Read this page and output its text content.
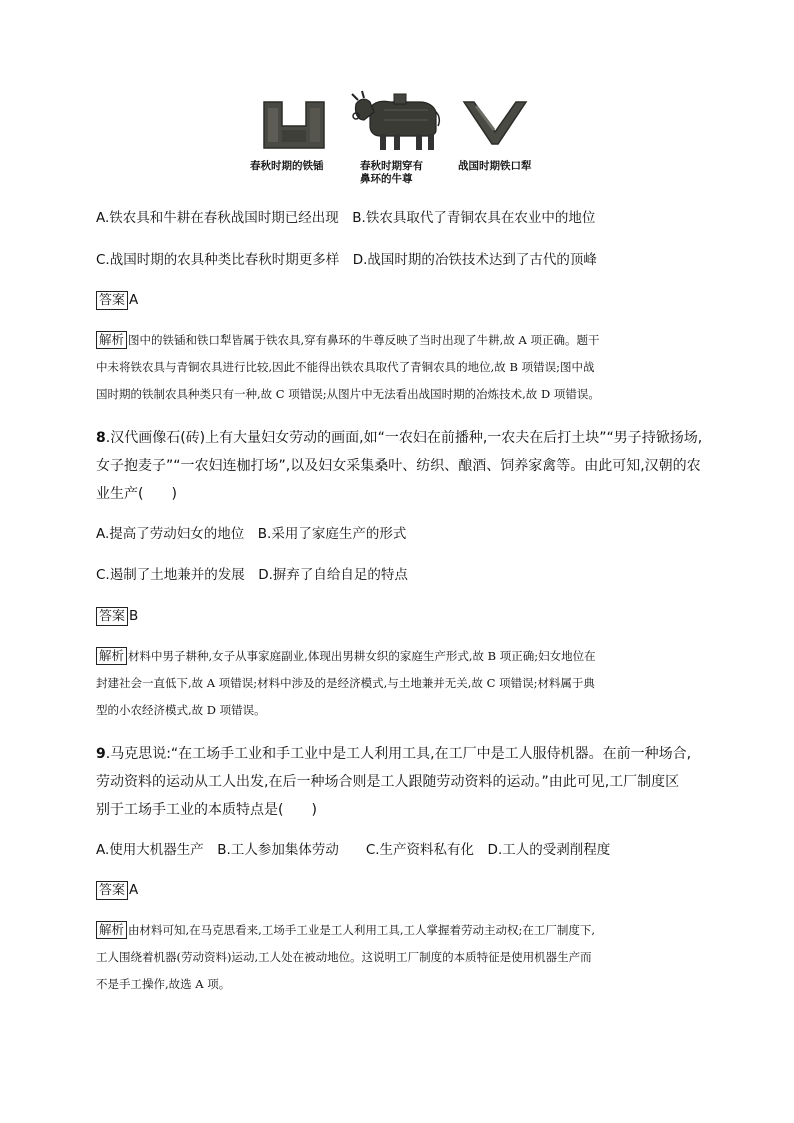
春秋时期的铁锸	春秋时期穿有
鼻环的牛尊
战国时期铁口犁
A.铁农具和牛耕在春秋战国时期已经出现　B.铁农具取代了青铜农具在农业中的地位
C.战国时期的农具种类比春秋时期更多样　D.战国时期的冶铁技术达到了古代的顶峰
答案 A
解析 图中的铁锸和铁口犁皆属于铁农具,穿有鼻环的牛尊反映了当时出现了牛耕,故 A 项正确。题干
中未将铁农具与青铜农具进行比较,因此不能得出铁农具取代了青铜农具的地位,故 B 项错误;图中战
国时期的铁制农具种类只有一种,故 C 项错误;从图片中无法看出战国时期的冶炼技术,故 D 项错误。
8.汉代画像石(砖)上有大量妇女劳动的画面,如“一农妇在前播种,一农夫在后打土块”“男子持锨扬场,
女子抱麦子”“一农妇连枷打场”,以及妇女采集桑叶、纺织、酿酒、饲养家禽等。由此可知,汉朝的农
业生产(　　)
A.提高了劳动妇女的地位　B.采用了家庭生产的形式
C.遏制了土地兼并的发展　D.摒弃了自给自足的特点
答案 B
解析 材料中男子耕种,女子从事家庭副业,体现出男耕女织的家庭生产形式,故 B 项正确;妇女地位在
封建社会一直低下,故 A 项错误;材料中涉及的是经济模式,与土地兼并无关,故 C 项错误;材料属于典
型的小农经济模式,故 D 项错误。
9.马克思说:“在工场手工业和手工业中是工人利用工具,在工厂中是工人服侍机器。在前一种场合,
劳动资料的运动从工人出发,在后一种场合则是工人跟随劳动资料的运动。”由此可见,工厂制度区
别于工场手工业的本质特点是(　　)
A.使用大机器生产　B.工人参加集体劳动　　C.生产资料私有化　D.工人的受剥削程度
答案 A
解析 由材料可知,在马克思看来,工场手工业是工人利用工具,工人掌握着劳动主动权;在工厂制度下,
工人围绕着机器(劳动资料)运动,工人处在被动地位。这说明工厂制度的本质特征是使用机器生产而
不是手工操作,故选 A 项。
